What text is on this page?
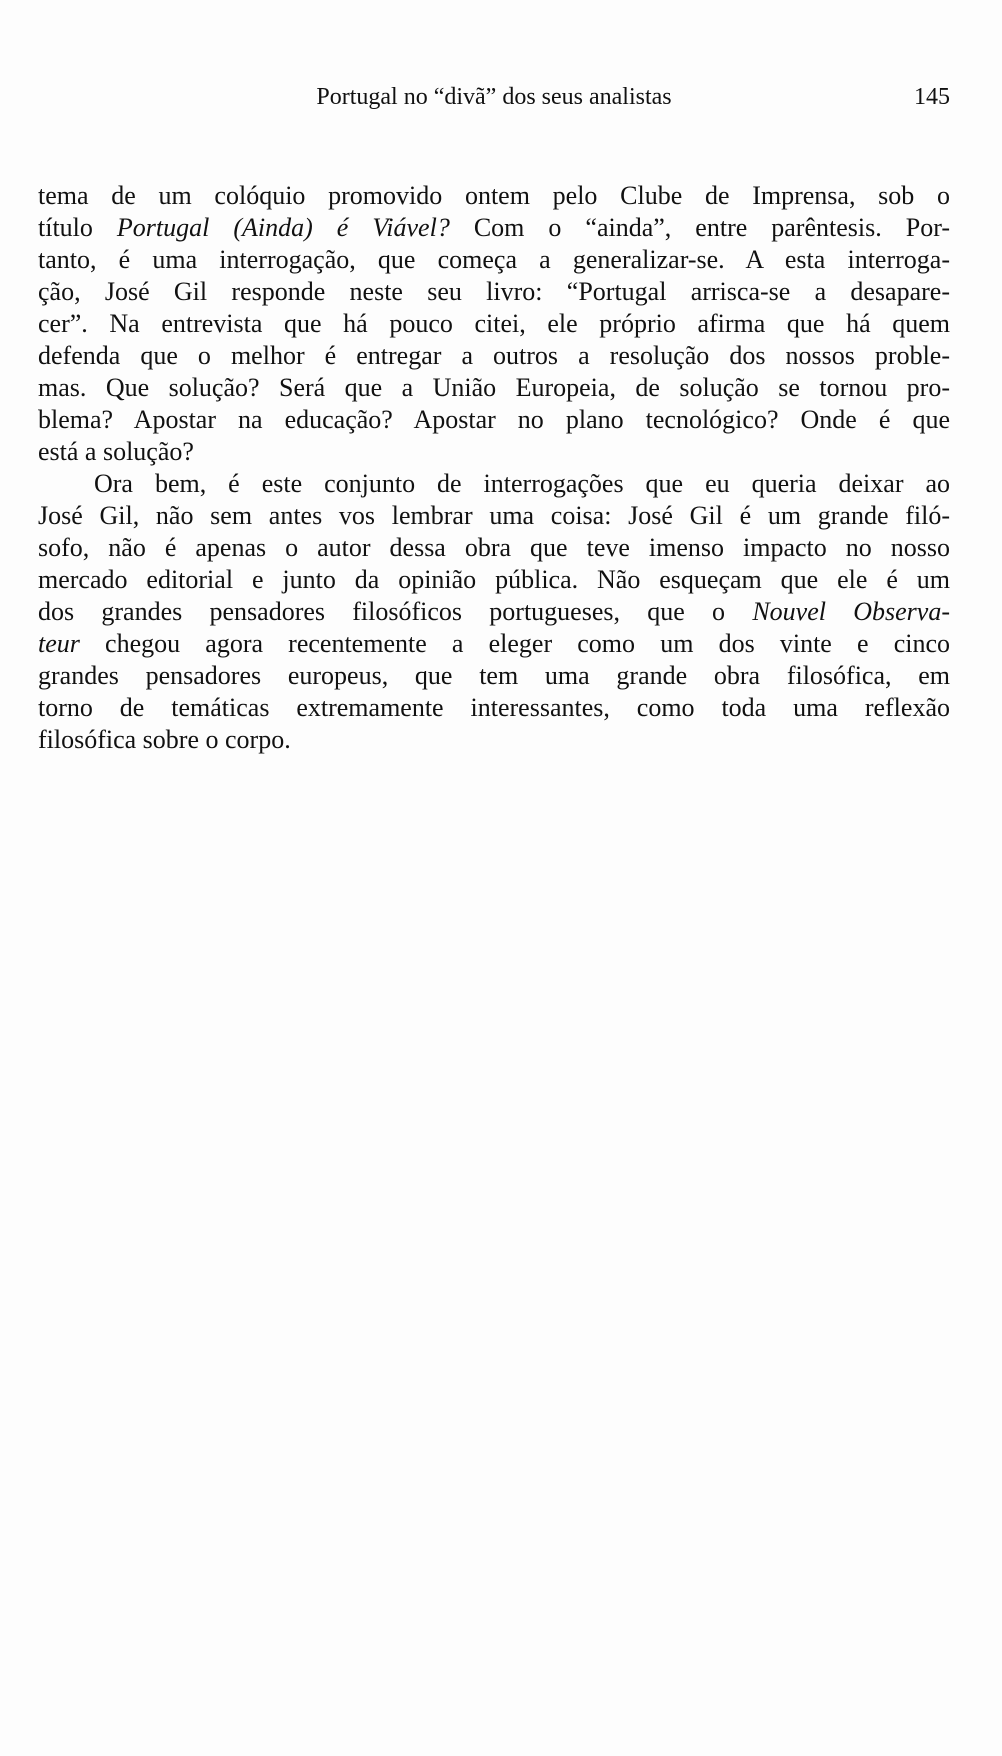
Portugal no “divã” dos seus analistas	145
tema de um colóquio promovido ontem pelo Clube de Imprensa, sob o
título Portugal (Ainda) é Viável? Com o “ainda”, entre parêntesis. Por-
tanto, é uma interrogação, que começa a generalizar-se. A esta interroga-
ção, José Gil responde neste seu livro: “Portugal arrisca-se a desapare-
cer”. Na entrevista que há pouco citei, ele próprio afirma que há quem
defenda que o melhor é entregar a outros a resolução dos nossos proble-
mas. Que solução? Será que a União Europeia, de solução se tornou pro-
blema? Apostar na educação? Apostar no plano tecnológico? Onde é que
está a solução?
Ora bem, é este conjunto de interrogações que eu queria deixar ao
José Gil, não sem antes vos lembrar uma coisa: José Gil é um grande filó-
sofo, não é apenas o autor dessa obra que teve imenso impacto no nosso
mercado editorial e junto da opinião pública. Não esqueçam que ele é um
dos grandes pensadores filosóficos portugueses, que o Nouvel Observa-
teur chegou agora recentemente a eleger como um dos vinte e cinco
grandes pensadores europeus, que tem uma grande obra filosófica, em
torno de temáticas extremamente interessantes, como toda uma reflexão
filosófica sobre o corpo.
